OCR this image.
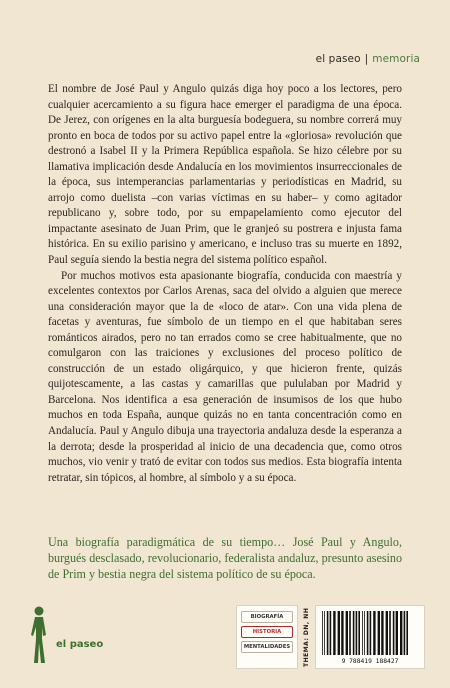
el paseo | memoria

El nombre de José Paul y Angulo quizás diga hoy poco a los lectores, pero cualquier acercamiento a su figura hace emerger el paradigma de una época. De Jerez, con orígenes en la alta burguesía bodeguera, su nombre correrá muy pronto en boca de todos por su activo papel entre la «gloriosa» revolución que destronó a Isabel II y la Primera República española. Se hizo célebre por su llamativa implicación desde Andalucía en los movimientos insurreccionales de la época, sus intemperancias parlamentarias y periodísticas en Madrid, su arrojo como duelista –con varias víctimas en su haber– y como agitador republicano y, sobre todo, por su empapelamiento como ejecutor del impactante asesinato de Juan Prim, que le granjeó su postrera e injusta fama histórica. En su exilio parisino y americano, e incluso tras su muerte en 1892, Paul seguía siendo la bestia negra del sistema político español.

Por muchos motivos esta apasionante biografía, conducida con maestría y excelentes contextos por Carlos Arenas, saca del olvido a alguien que merece una consideración mayor que la de «loco de atar». Con una vida plena de facetas y aventuras, fue símbolo de un tiempo en el que habitaban seres románticos airados, pero no tan errados como se cree habitualmente, que no comulgaron con las traiciones y exclusiones del proceso político de construcción de un estado oligárquico, y que hicieron frente, quizás quijotescamente, a las castas y camarillas que pululaban por Madrid y Barcelona. Nos identifica a esa generación de insumisos de los que hubo muchos en toda España, aunque quizás no en tanta concentración como en Andalucía. Paul y Angulo dibuja una trayectoria andaluza desde la esperanza a la derrota; desde la prosperidad al inicio de una decadencia que, como otros muchos, vio venir y trató de evitar con todos sus medios. Esta biografía intenta retratar, sin tópicos, al hombre, al símbolo y a su época.

Una biografía paradigmática de su tiempo… José Paul y Angulo, burgués desclasado, revolucionario, federalista andaluz, presunto asesino de Prim y bestia negra del sistema político de su época.
el paseo
BIOGRAFÍA
HISTORIA
MENTALIDADES	THEMA: DN, NH	9 788419 188427
